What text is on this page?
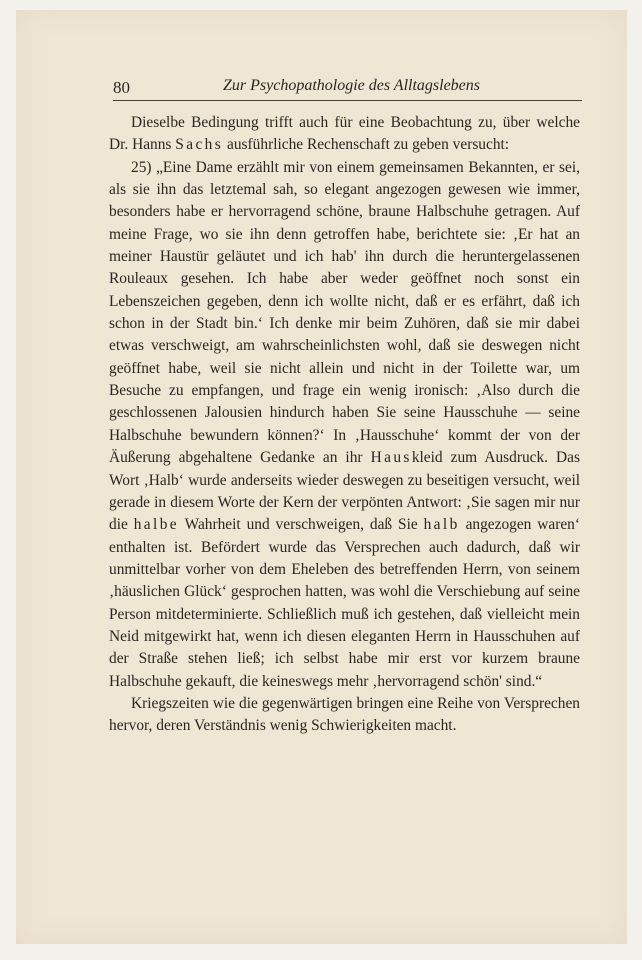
80	Zur Psychopathologie des Alltagslebens

Dieselbe Bedingung trifft auch für eine Beobachtung zu, über welche Dr. Hanns Sachs ausführliche Rechenschaft zu geben versucht:

25) „Eine Dame erzählt mir von einem gemeinsamen Bekannten, er sei, als sie ihn das letztemal sah, so elegant angezogen gewesen wie immer, besonders habe er hervorragend schöne, braune Halbschuhe getragen. Auf meine Frage, wo sie ihn denn getroffen habe, berichtete sie: ‚Er hat an meiner Haustür geläutet und ich hab' ihn durch die heruntergelassenen Rouleaux gesehen. Ich habe aber weder geöffnet noch sonst ein Lebenszeichen gegeben, denn ich wollte nicht, daß er es erfährt, daß ich schon in der Stadt bin.‘ Ich denke mir beim Zuhören, daß sie mir dabei etwas verschweigt, am wahrscheinlichsten wohl, daß sie deswegen nicht geöffnet habe, weil sie nicht allein und nicht in der Toilette war, um Besuche zu empfangen, und frage ein wenig ironisch: ‚Also durch die geschlossenen Jalousien hindurch haben Sie seine Hausschuhe — seine Halbschuhe bewundern können?‘ In ‚Hausschuhe‘ kommt der von der Äußerung abgehaltene Gedanke an ihr Hauskleid zum Ausdruck. Das Wort ‚Halb‘ wurde anderseits wieder deswegen zu beseitigen versucht, weil gerade in diesem Worte der Kern der verpönten Antwort: ‚Sie sagen mir nur die halbe Wahrheit und verschweigen, daß Sie halb angezogen waren‘ enthalten ist. Befördert wurde das Versprechen auch dadurch, daß wir unmittelbar vorher von dem Eheleben des betreffenden Herrn, von seinem ‚häuslichen Glück‘ gesprochen hatten, was wohl die Verschiebung auf seine Person mitdeterminierte. Schließlich muß ich gestehen, daß vielleicht mein Neid mitgewirkt hat, wenn ich diesen eleganten Herrn in Hausschuhen auf der Straße stehen ließ; ich selbst habe mir erst vor kurzem braune Halbschuhe gekauft, die keineswegs mehr ‚hervorragend schön' sind.“

Kriegszeiten wie die gegenwärtigen bringen eine Reihe von Versprechen hervor, deren Verständnis wenig Schwierigkeiten macht.
